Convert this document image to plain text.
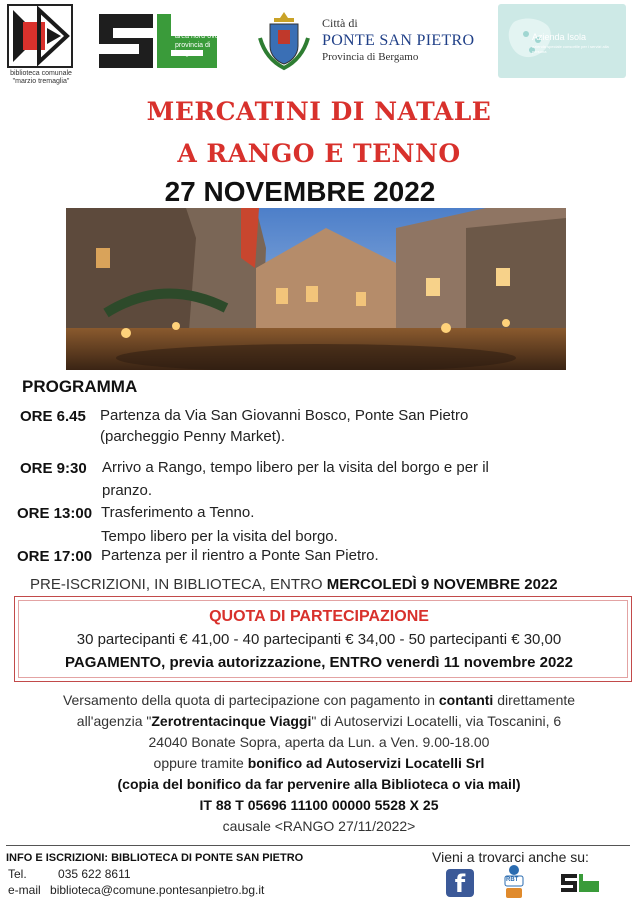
biblioteca comunale
"marzio tremaglia"
sistema bibliotecario
area nord-ovest
provincia di bergamo
Città di
PONTE SAN PIETRO
Provincia di Bergamo
Azienda Isola
azienda speciale consortile per i servizi alla persona
MERCATINI DI NATALE
A RANGO E TENNO
27 NOVEMBRE 2022
PROGRAMMA
ORE 6.45 Partenza da Via San Giovanni Bosco, Ponte San Pietro
(parcheggio Penny Market).
ORE 9:30 Arrivo a Rango, tempo libero per la visita del borgo e per il
pranzo.
ORE 13:00 Trasferimento a Tenno.
Tempo libero per la visita del borgo.
ORE 17:00 Partenza per il rientro a Ponte San Pietro.
PRE-ISCRIZIONI, IN BIBLIOTECA, ENTRO MERCOLEDÌ 9 NOVEMBRE 2022
QUOTA DI PARTECIPAZIONE
30 partecipanti € 41,00 - 40 partecipanti € 34,00 - 50 partecipanti € 30,00
PAGAMENTO, previa autorizzazione, ENTRO venerdì 11 novembre 2022
Versamento della quota di partecipazione con pagamento in contanti direttamente
all'agenzia "Zerotrentacinque Viaggi" di Autoservizi Locatelli, via Toscanini, 6
24040 Bonate Sopra, aperta da Lun. a Ven. 9.00-18.00
oppure tramite bonifico ad Autoservizi Locatelli Srl
(copia del bonifico da far pervenire alla Biblioteca o via mail)
IT 88 T 05696 11100 00000 5528 X 25
causale <RANGO 27/11/2022>
INFO E ISCRIZIONI: BIBLIOTECA DI PONTE SAN PIETRO
Tel.	035 622 8611
e-mail biblioteca@comune.pontesanpietro.bg.it
Vieni a trovarci anche su:
f	RBT
